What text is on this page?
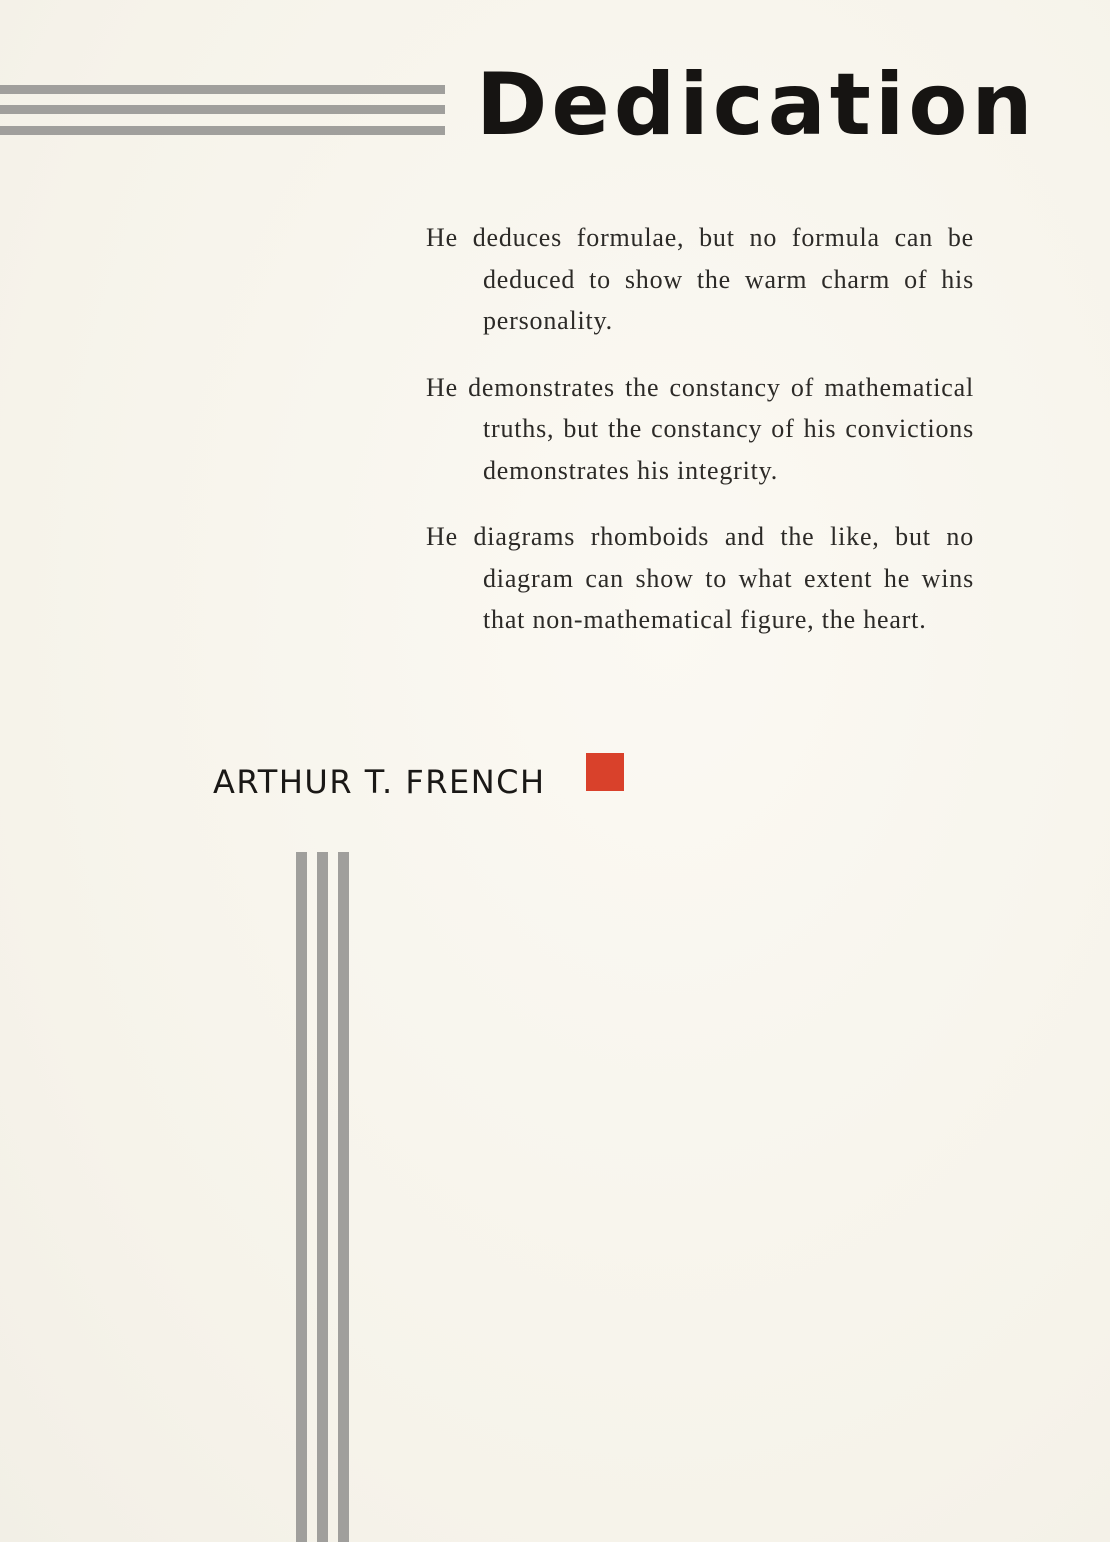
Dedication

He deduces formulae, but no formula can be deduced to show the warm charm of his personality.

He demonstrates the constancy of mathematical truths, but the constancy of his convictions demonstrates his integrity.

He diagrams rhomboids and the like, but no diagram can show to what extent he wins that non-mathematical figure, the heart.

ARTHUR T. FRENCH
